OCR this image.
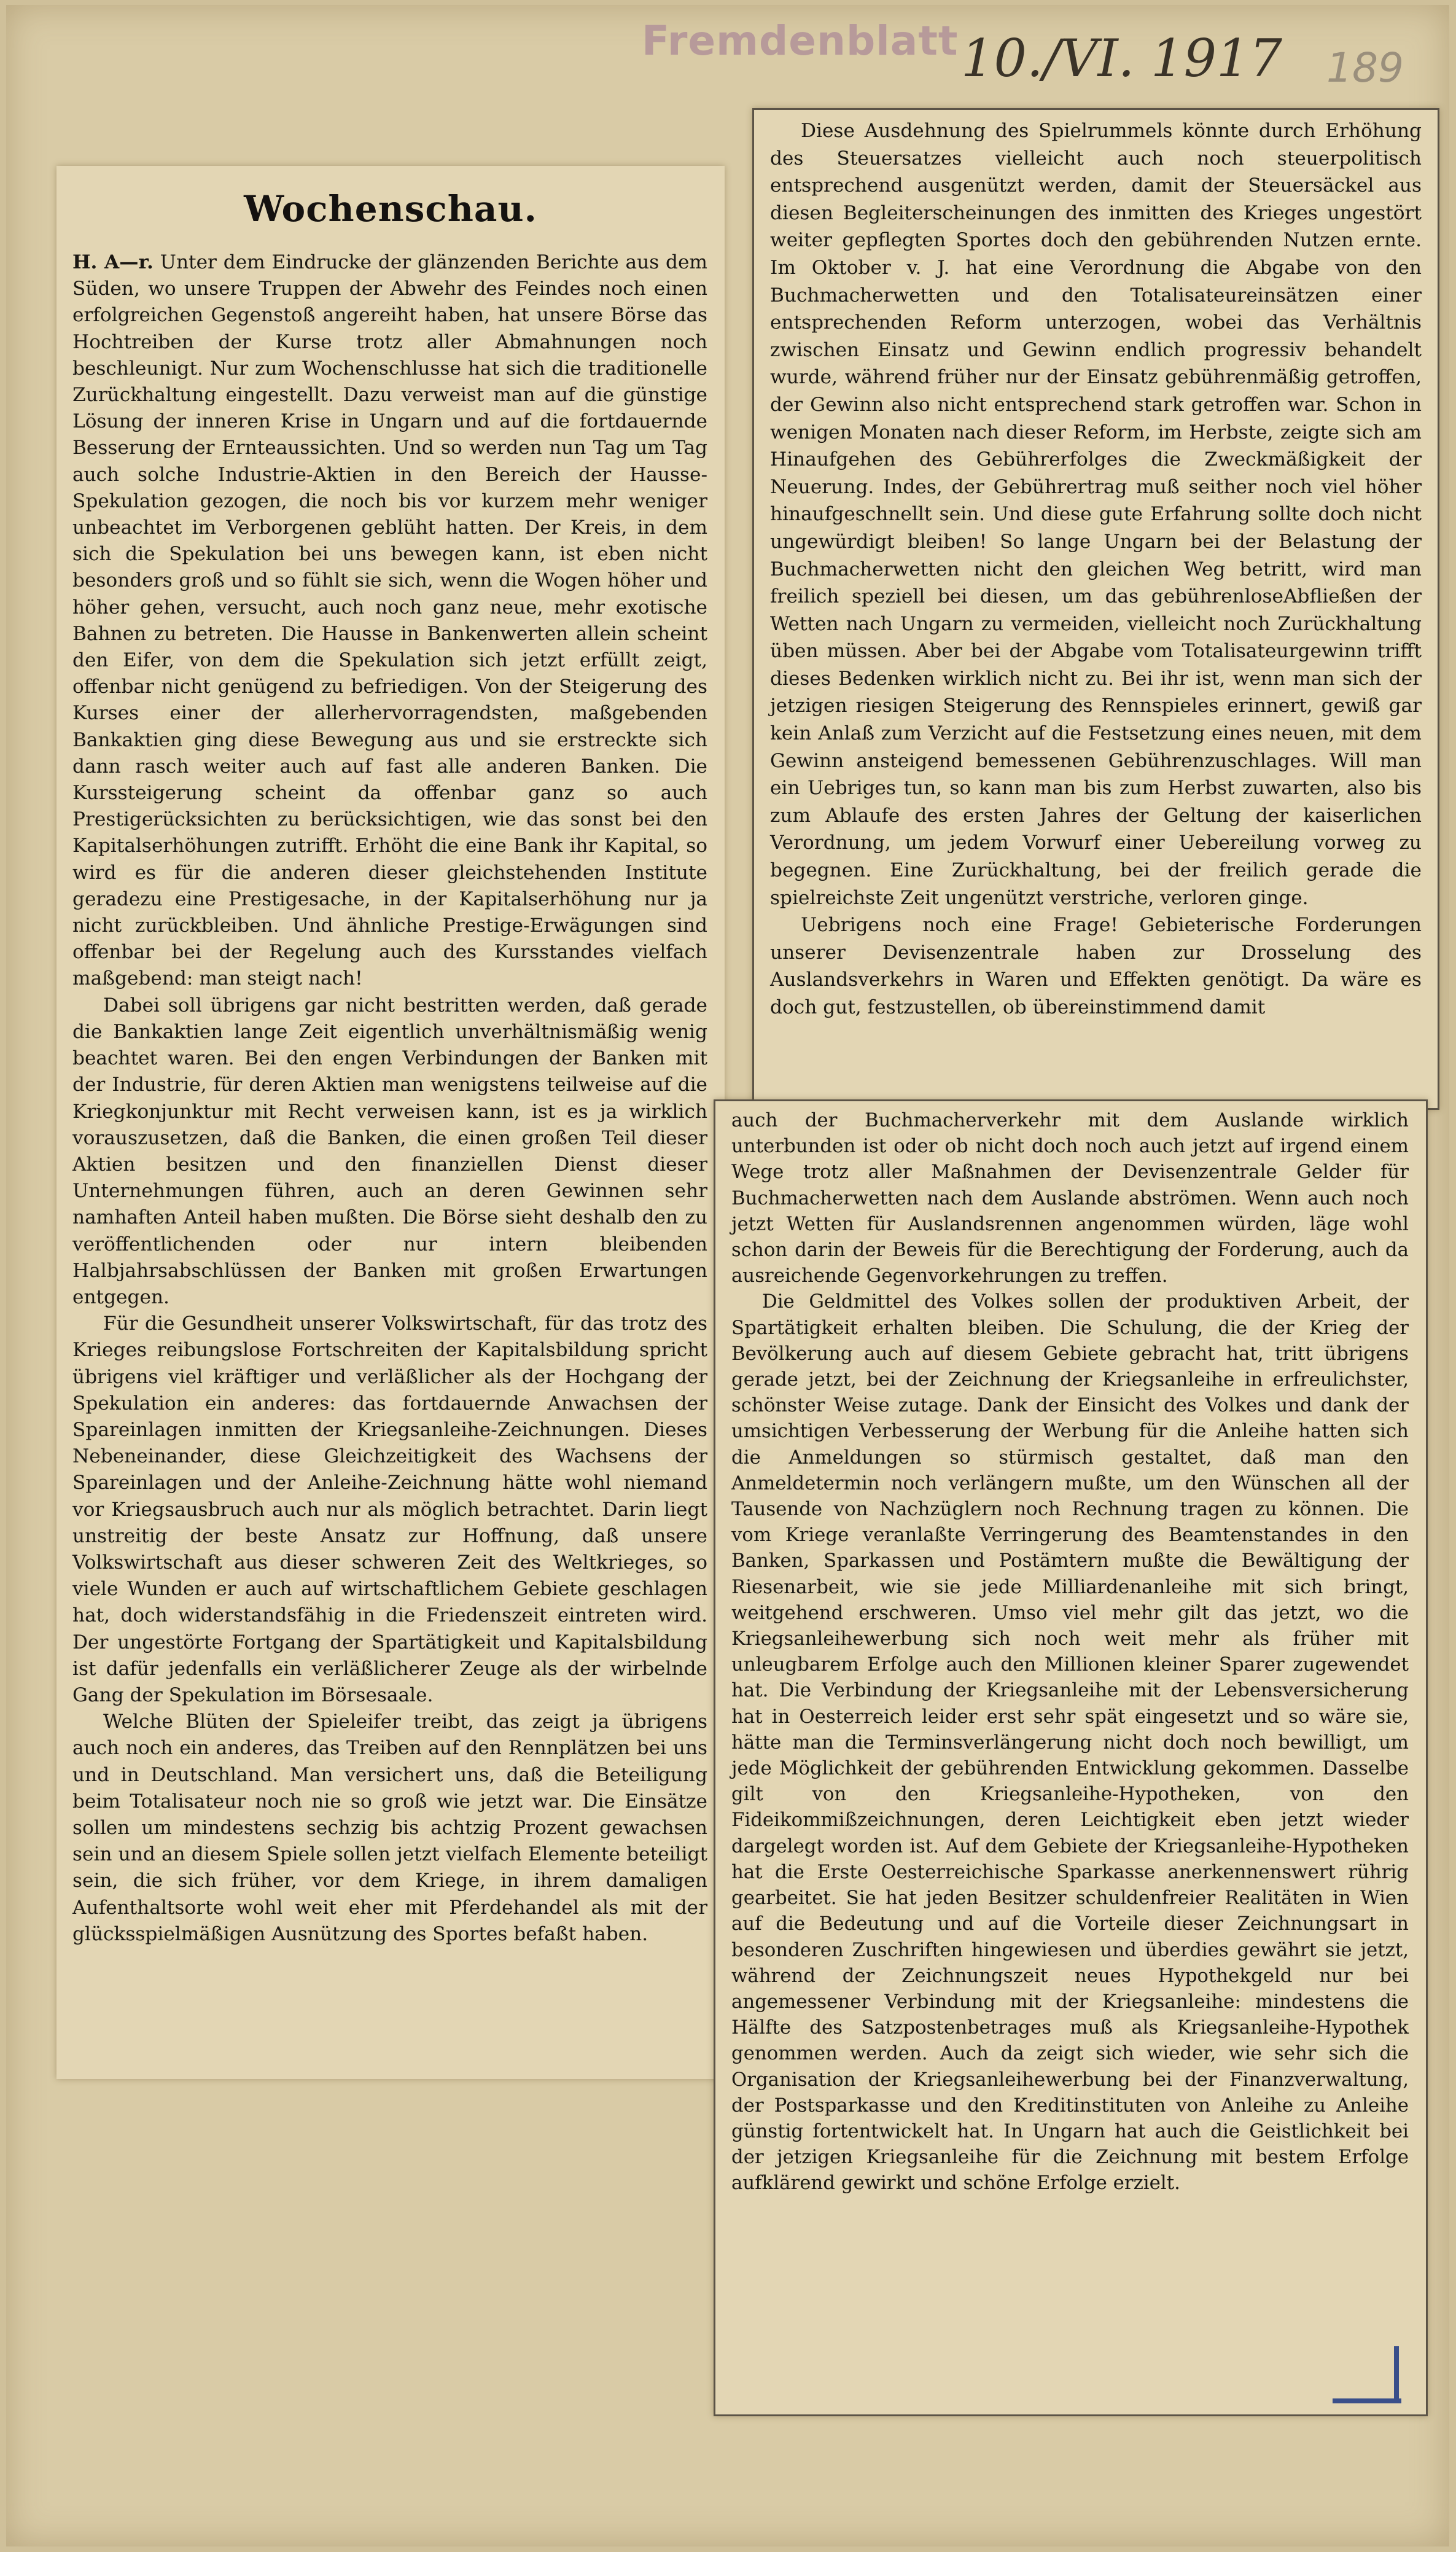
Fremdenblatt 10./VI. 1917 189
Wochenschau.

H. A—r. Unter dem Eindrucke der glänzenden Berichte aus dem Süden, wo unsere Truppen der Abwehr des Feindes noch einen erfolgreichen Gegenstoß angereiht haben, hat unsere Börse das Hochtreiben der Kurse trotz aller Abmahnungen noch beschleunigt. Nur zum Wochenschlusse hat sich die traditionelle Zurückhaltung eingestellt. Dazu verweist man auf die günstige Lösung der inneren Krise in Ungarn und auf die fortdauernde Besserung der Ernteaussichten. Und so werden nun Tag um Tag auch solche Industrie-Aktien in den Bereich der Hausse-Spekulation gezogen, die noch bis vor kurzem mehr weniger unbeachtet im Verborgenen geblüht hatten. Der Kreis, in dem sich die Spekulation bei uns bewegen kann, ist eben nicht besonders groß und so fühlt sie sich, wenn die Wogen höher und höher gehen, versucht, auch noch ganz neue, mehr exotische Bahnen zu betreten. Die Hausse in Bankenwerten allein scheint den Eifer, von dem die Spekulation sich jetzt erfüllt zeigt, offenbar nicht genügend zu befriedigen. Von der Steigerung des Kurses einer der allerhervorragendsten, maßgebenden Bankaktien ging diese Bewegung aus und sie erstreckte sich dann rasch weiter auch auf fast alle anderen Banken. Die Kurssteigerung scheint da offenbar ganz so auch Prestigerücksichten zu berücksichtigen, wie das sonst bei den Kapitalserhöhungen zutrifft. Erhöht die eine Bank ihr Kapital, so wird es für die anderen dieser gleichstehenden Institute geradezu eine Prestigesache, in der Kapitalserhöhung nur ja nicht zurückbleiben. Und ähnliche Prestige-Erwägungen sind offenbar bei der Regelung auch des Kursstandes vielfach maßgebend: man steigt nach!

Dabei soll übrigens gar nicht bestritten werden, daß gerade die Bankaktien lange Zeit eigentlich unverhältnismäßig wenig beachtet waren. Bei den engen Verbindungen der Banken mit der Industrie, für deren Aktien man wenigstens teilweise auf die Kriegkonjunktur mit Recht verweisen kann, ist es ja wirklich vorauszusetzen, daß die Banken, die einen großen Teil dieser Aktien besitzen und den finanziellen Dienst dieser Unternehmungen führen, auch an deren Gewinnen sehr namhaften Anteil haben mußten. Die Börse sieht deshalb den zu veröffentlichenden oder nur intern bleibenden Halbjahrsabschlüssen der Banken mit großen Erwartungen entgegen.

Für die Gesundheit unserer Volkswirtschaft, für das trotz des Krieges reibungslose Fortschreiten der Kapitalsbildung spricht übrigens viel kräftiger und verläßlicher als der Hochgang der Spekulation ein anderes: das fortdauernde Anwachsen der Spareinlagen inmitten der Kriegsanleihe-Zeichnungen. Dieses Nebeneinander, diese Gleichzeitigkeit des Wachsens der Spareinlagen und der Anleihe-Zeichnung hätte wohl niemand vor Kriegsausbruch auch nur als möglich betrachtet. Darin liegt unstreitig der beste Ansatz zur Hoffnung, daß unsere Volkswirtschaft aus dieser schweren Zeit des Weltkrieges, so viele Wunden er auch auf wirtschaftlichem Gebiete geschlagen hat, doch widerstandsfähig in die Friedenszeit eintreten wird. Der ungestörte Fortgang der Spartätigkeit und Kapitalsbildung ist dafür jedenfalls ein verläßlicherer Zeuge als der wirbelnde Gang der Spekulation im Börsesaale.

Welche Blüten der Spieleifer treibt, das zeigt ja übrigens auch noch ein anderes, das Treiben auf den Rennplätzen bei uns und in Deutschland. Man versichert uns, daß die Beteiligung beim Totalisateur noch nie so groß wie jetzt war. Die Einsätze sollen um mindestens sechzig bis achtzig Prozent gewachsen sein und an diesem Spiele sollen jetzt vielfach Elemente beteiligt sein, die sich früher, vor dem Kriege, in ihrem damaligen Aufenthaltsorte wohl weit eher mit Pferdehandel als mit der glücksspielmäßigen Ausnützung des Sportes befaßt haben.

Diese Ausdehnung des Spielrummels könnte durch Erhöhung des Steuersatzes vielleicht auch noch steuerpolitisch entsprechend ausgenützt werden, damit der Steuersäckel aus diesen Begleiterscheinungen des inmitten des Krieges ungestört weiter gepflegten Sportes doch den gebührenden Nutzen ernte. Im Oktober v. J. hat eine Verordnung die Abgabe von den Buchmacherwetten und den Totalisateureinsätzen einer entsprechenden Reform unterzogen, wobei das Verhältnis zwischen Einsatz und Gewinn endlich progressiv behandelt wurde, während früher nur der Einsatz gebührenmäßig getroffen, der Gewinn also nicht entsprechend stark getroffen war. Schon in wenigen Monaten nach dieser Reform, im Herbste, zeigte sich am Hinaufgehen des Gebührerfolges die Zweckmäßigkeit der Neuerung. Indes, der Gebührertrag muß seither noch viel höher hinaufgeschnellt sein. Und diese gute Erfahrung sollte doch nicht ungewürdigt bleiben! So lange Ungarn bei der Belastung der Buchmacherwetten nicht den gleichen Weg betritt, wird man freilich speziell bei diesen, um das gebührenloseAbfließen der Wetten nach Ungarn zu vermeiden, vielleicht noch Zurückhaltung üben müssen. Aber bei der Abgabe vom Totalisateurgewinn trifft dieses Bedenken wirklich nicht zu. Bei ihr ist, wenn man sich der jetzigen riesigen Steigerung des Rennspieles erinnert, gewiß gar kein Anlaß zum Verzicht auf die Festsetzung eines neuen, mit dem Gewinn ansteigend bemessenen Gebührenzuschlages. Will man ein Uebriges tun, so kann man bis zum Herbst zuwarten, also bis zum Ablaufe des ersten Jahres der Geltung der kaiserlichen Verordnung, um jedem Vorwurf einer Uebereilung vorweg zu begegnen. Eine Zurückhaltung, bei der freilich gerade die spielreichste Zeit ungenützt verstriche, verloren ginge.

Uebrigens noch eine Frage! Gebieterische Forderungen unserer Devisenzentrale haben zur Drosselung des Auslandsverkehrs in Waren und Effekten genötigt. Da wäre es doch gut, festzustellen, ob übereinstimmend damit

auch der Buchmacherverkehr mit dem Auslande wirklich unterbunden ist oder ob nicht doch noch auch jetzt auf irgend einem Wege trotz aller Maßnahmen der Devisenzentrale Gelder für Buchmacherwetten nach dem Auslande abströmen. Wenn auch noch jetzt Wetten für Auslandsrennen angenommen würden, läge wohl schon darin der Beweis für die Berechtigung der Forderung, auch da ausreichende Gegenvorkehrungen zu treffen.

Die Geldmittel des Volkes sollen der produktiven Arbeit, der Spartätigkeit erhalten bleiben. Die Schulung, die der Krieg der Bevölkerung auch auf diesem Gebiete gebracht hat, tritt übrigens gerade jetzt, bei der Zeichnung der Kriegsanleihe in erfreulichster, schönster Weise zutage. Dank der Einsicht des Volkes und dank der umsichtigen Verbesserung der Werbung für die Anleihe hatten sich die Anmeldungen so stürmisch gestaltet, daß man den Anmeldetermin noch verlängern mußte, um den Wünschen all der Tausende von Nachzüglern noch Rechnung tragen zu können. Die vom Kriege veranlaßte Verringerung des Beamtenstandes in den Banken, Sparkassen und Postämtern mußte die Bewältigung der Riesenarbeit, wie sie jede Milliardenanleihe mit sich bringt, weitgehend erschweren. Umso viel mehr gilt das jetzt, wo die Kriegsanleihewerbung sich noch weit mehr als früher mit unleugbarem Erfolge auch den Millionen kleiner Sparer zugewendet hat. Die Verbindung der Kriegsanleihe mit der Lebensversicherung hat in Oesterreich leider erst sehr spät eingesetzt und so wäre sie, hätte man die Terminsverlängerung nicht doch noch bewilligt, um jede Möglichkeit der gebührenden Entwicklung gekommen. Dasselbe gilt von den Kriegsanleihe-Hypotheken, von den Fideikommißzeichnungen, deren Leichtigkeit eben jetzt wieder dargelegt worden ist. Auf dem Gebiete der Kriegsanleihe-Hypotheken hat die Erste Oesterreichische Sparkasse anerkennenswert rührig gearbeitet. Sie hat jeden Besitzer schuldenfreier Realitäten in Wien auf die Bedeutung und auf die Vorteile dieser Zeichnungsart in besonderen Zuschriften hingewiesen und überdies gewährt sie jetzt, während der Zeichnungszeit neues Hypothekgeld nur bei angemessener Verbindung mit der Kriegsanleihe: mindestens die Hälfte des Satzpostenbetrages muß als Kriegsanleihe-Hypothek genommen werden. Auch da zeigt sich wieder, wie sehr sich die Organisation der Kriegsanleihewerbung bei der Finanzverwaltung, der Postsparkasse und den Kreditinstituten von Anleihe zu Anleihe günstig fortentwickelt hat. In Ungarn hat auch die Geistlichkeit bei der jetzigen Kriegsanleihe für die Zeichnung mit bestem Erfolge aufklärend gewirkt und schöne Erfolge erzielt.
